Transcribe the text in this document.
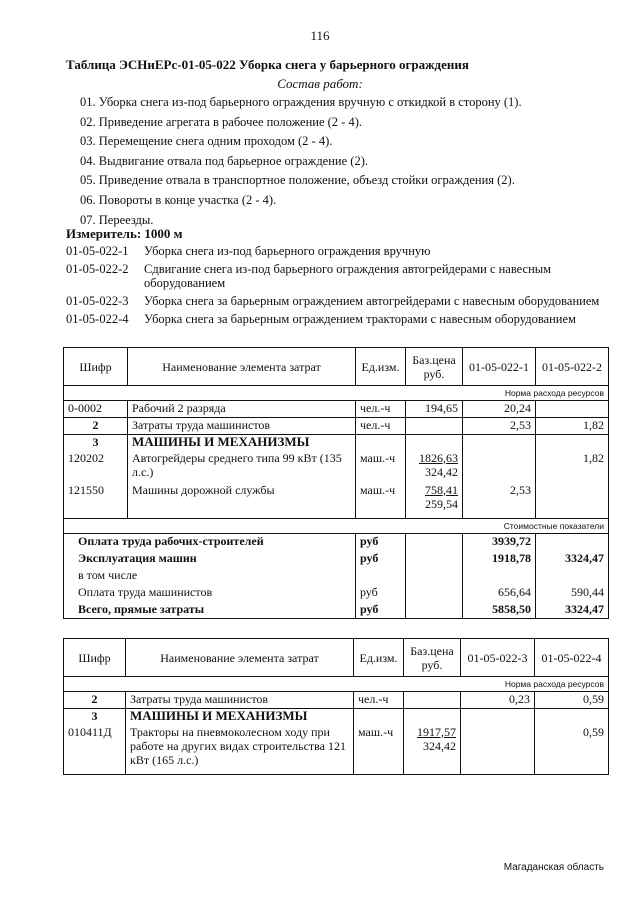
116
Таблица ЭСНиЕРс-01-05-022 Уборка снега у барьерного ограждения
Состав работ:
01. Уборка снега из-под барьерного ограждения вручную с откидкой в сторону (1).
02. Приведение агрегата в рабочее положение (2 - 4).
03. Перемещение снега одним проходом (2 - 4).
04. Выдвигание отвала под барьерное ограждение (2).
05. Приведение отвала в транспортное положение, объезд стойки ограждения (2).
06. Повороты в конце участка (2 - 4).
07. Переезды.
Измеритель: 1000 м
01-05-022-1	Уборка снега из-под барьерного ограждения вручную
01-05-022-2	Сдвигание снега из-под барьерного ограждения автогрейдерами с навесным оборудованием
01-05-022-3	Уборка снега за барьерным ограждением автогрейдерами с навесным оборудованием
01-05-022-4	Уборка снега за барьерным ограждением тракторами с навесным оборудованием
Шифр	Наименование элемента затрат	Ед.изм.	Баз.цена руб.	01-05-022-1	01-05-022-2
Норма расхода ресурсов					
0-0002	Рабочий 2 разряда	чел.-ч	194,65	20,24	
2	Затраты труда машинистов	чел.-ч		2,53	1,82
3	МАШИНЫ И МЕХАНИЗМЫ				
120202	Автогрейдеры среднего типа 99 кВт (135 л.с.)	маш.-ч	1826,63
324,42		1,82
121550	Машины дорожной службы	маш.-ч	758,41
259,54	2,53	
Стоимостные показатели					
Оплата труда рабочих-строителей		руб		3939,72	
Эксплуатация машин		руб		1918,78	3324,47
в том числе					
Оплата труда машинистов		руб		656,64	590,44
Всего, прямые затраты		руб		5858,50	3324,47
Шифр	Наименование элемента затрат	Ед.изм.	Баз.цена руб.	01-05-022-3	01-05-022-4
Норма расхода ресурсов					
2	Затраты труда машинистов	чел.-ч		0,23	0,59
3	МАШИНЫ И МЕХАНИЗМЫ				
010411Д	Тракторы на пневмоколесном ходу при работе на других видах строительства 121 кВт (165 л.с.)	маш.-ч	1917,57
324,42		0,59
Магаданская область
